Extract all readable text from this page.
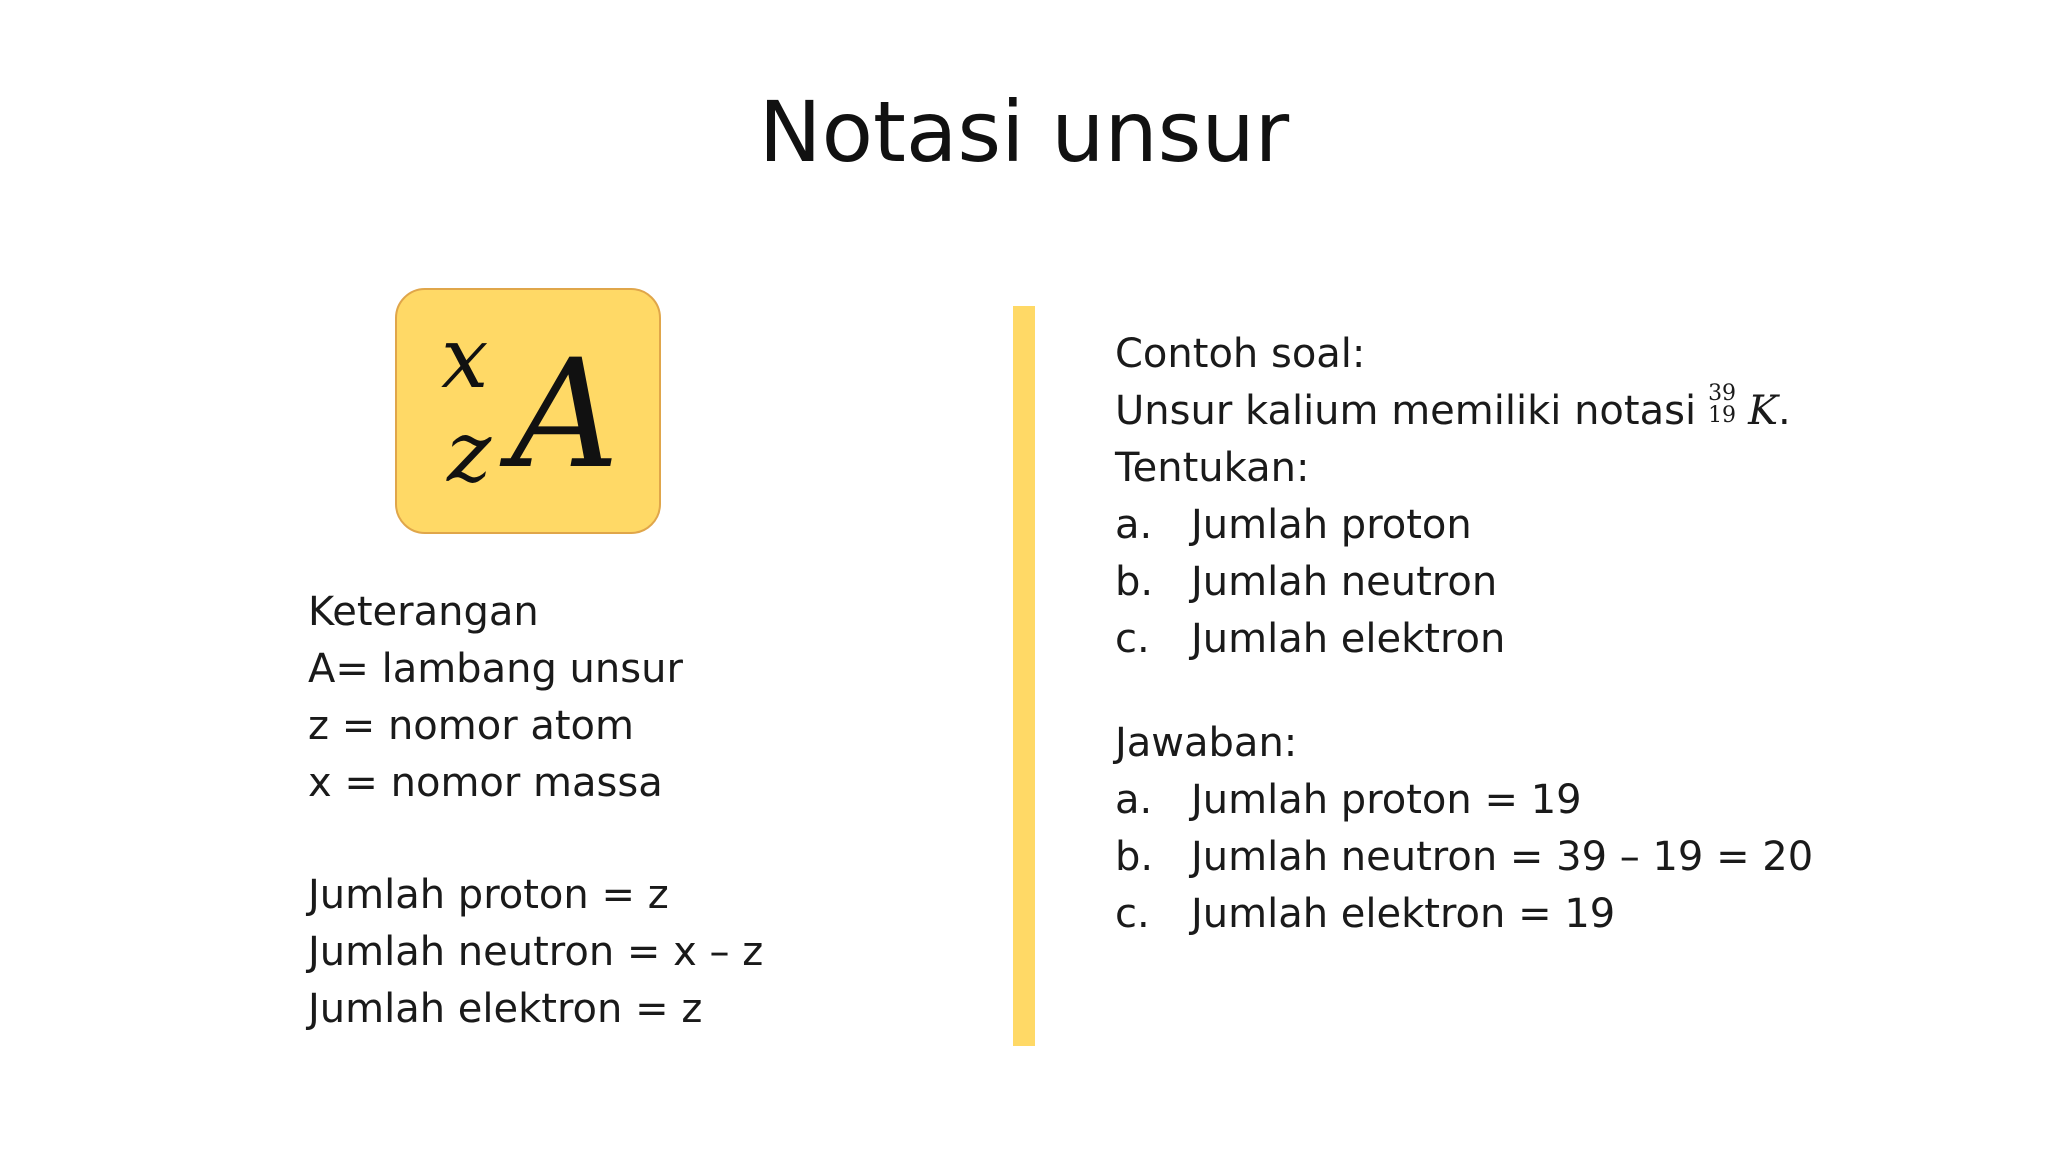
Notasi unsur
x
z A
Keterangan
A= lambang unsur
z = nomor atom
x = nomor massa
Jumlah proton = z
Jumlah neutron = x – z
Jumlah elektron = z
Contoh soal:
Unsur kalium memiliki notasi 39
19 K.
Tentukan:
a. Jumlah proton
b. Jumlah neutron
c. Jumlah elektron
Jawaban:
a. Jumlah proton = 19
b. Jumlah neutron = 39 – 19 = 20
c. Jumlah elektron = 19
